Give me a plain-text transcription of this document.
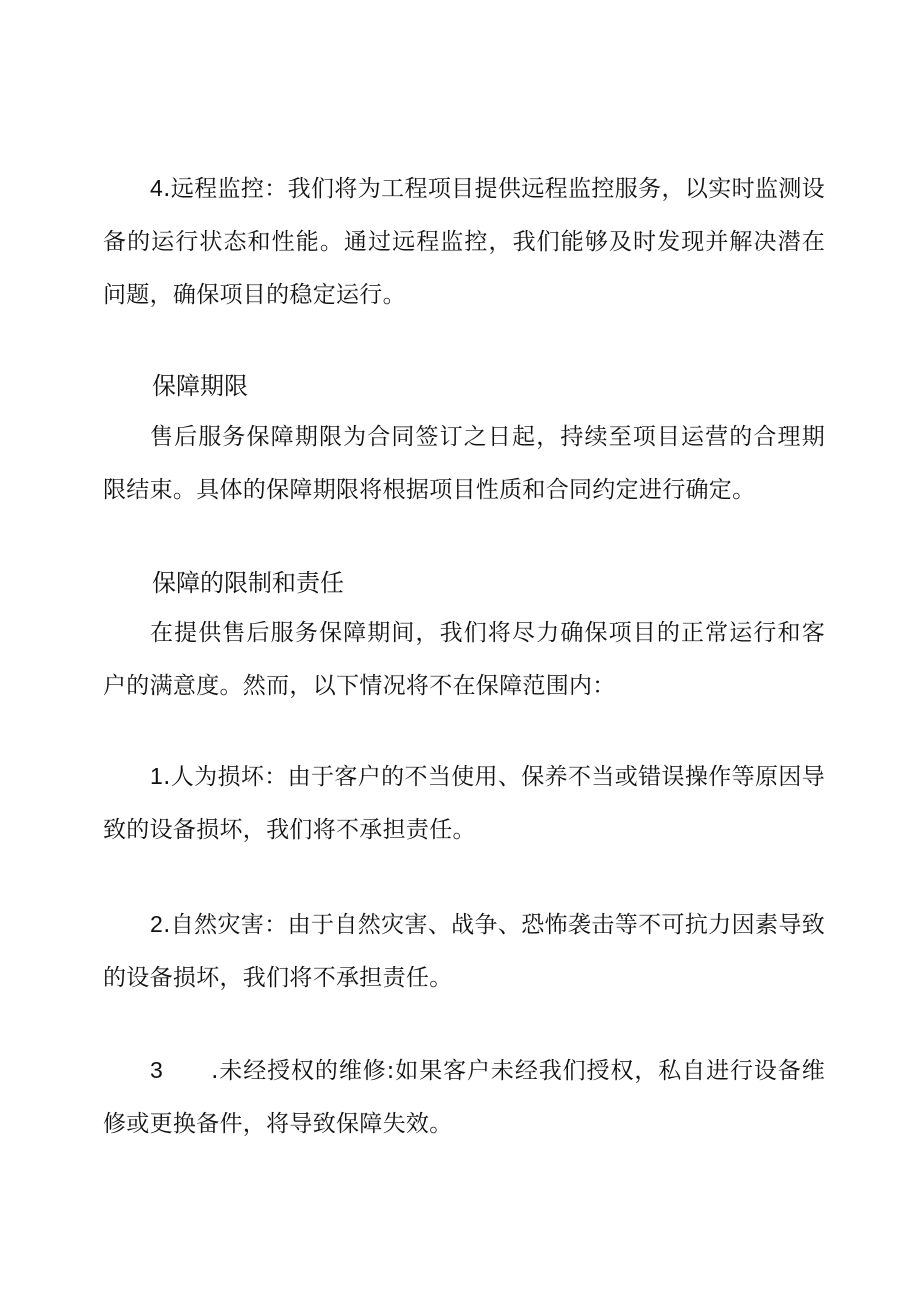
4.远程监控：我们将为工程项目提供远程监控服务，以实时监测设备的运行状态和性能。通过远程监控，我们能够及时发现并解决潜在问题，确保项目的稳定运行。

保障期限

售后服务保障期限为合同签订之日起，持续至项目运营的合理期限结束。具体的保障期限将根据项目性质和合同约定进行确定。

保障的限制和责任

在提供售后服务保障期间，我们将尽力确保项目的正常运行和客户的满意度。然而，以下情况将不在保障范围内：

1.人为损坏：由于客户的不当使用、保养不当或错误操作等原因导致的设备损坏，我们将不承担责任。

2.自然灾害：由于自然灾害、战争、恐怖袭击等不可抗力因素导致的设备损坏，我们将不承担责任。

3 .未经授权的维修:如果客户未经我们授权，私自进行设备维修或更换备件，将导致保障失效。
